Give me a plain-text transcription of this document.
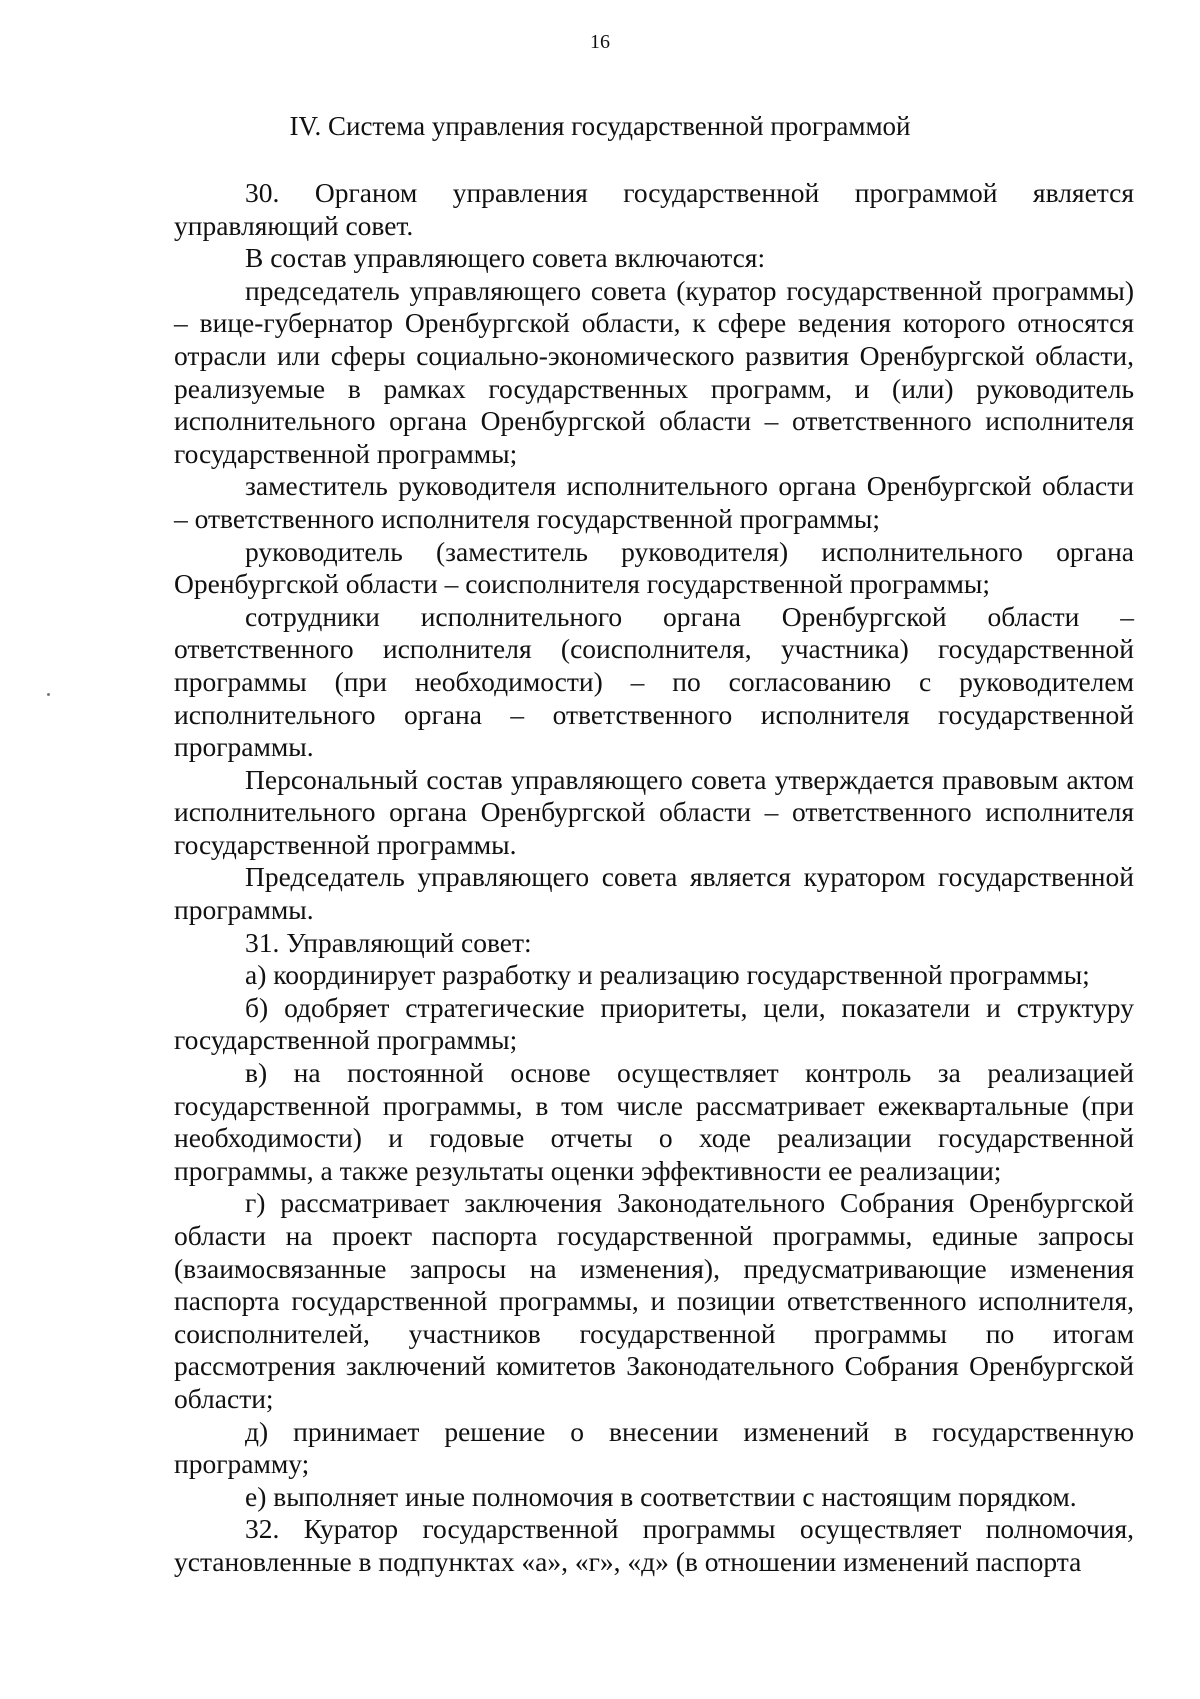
16
IV. Система управления государственной программой

30. Органом управления государственной программой является управляющий совет.

В состав управляющего совета включаются:

председатель управляющего совета (куратор государственной программы) – вице-губернатор Оренбургской области, к сфере ведения которого относятся отрасли или сферы социально-экономического развития Оренбургской области, реализуемые в рамках государственных программ, и (или) руководитель исполнительного органа Оренбургской области – ответственного исполнителя государственной программы;

заместитель руководителя исполнительного органа Оренбургской области – ответственного исполнителя государственной программы;

руководитель (заместитель руководителя) исполнительного органа Оренбургской области – соисполнителя государственной программы;

сотрудники исполнительного органа Оренбургской области – ответственного исполнителя (соисполнителя, участника) государственной программы (при необходимости) – по согласованию с руководителем исполнительного органа – ответственного исполнителя государственной программы.

Персональный состав управляющего совета утверждается правовым актом исполнительного органа Оренбургской области – ответственного исполнителя государственной программы.

Председатель управляющего совета является куратором государственной программы.

31. Управляющий совет:

а) координирует разработку и реализацию государственной программы;

б) одобряет стратегические приоритеты, цели, показатели и структуру государственной программы;

в) на постоянной основе осуществляет контроль за реализацией государственной программы, в том числе рассматривает ежеквартальные (при необходимости) и годовые отчеты о ходе реализации государственной программы, а также результаты оценки эффективности ее реализации;

г) рассматривает заключения Законодательного Собрания Оренбургской области на проект паспорта государственной программы, единые запросы (взаимосвязанные запросы на изменения), предусматривающие изменения паспорта государственной программы, и позиции ответственного исполнителя, соисполнителей, участников государственной программы по итогам рассмотрения заключений комитетов Законодательного Собрания Оренбургской области;

д) принимает решение о внесении изменений в государственную программу;

е) выполняет иные полномочия в соответствии с настоящим порядком.

32. Куратор государственной программы осуществляет полномочия, установленные в подпунктах «а», «г», «д» (в отношении изменений паспорта
